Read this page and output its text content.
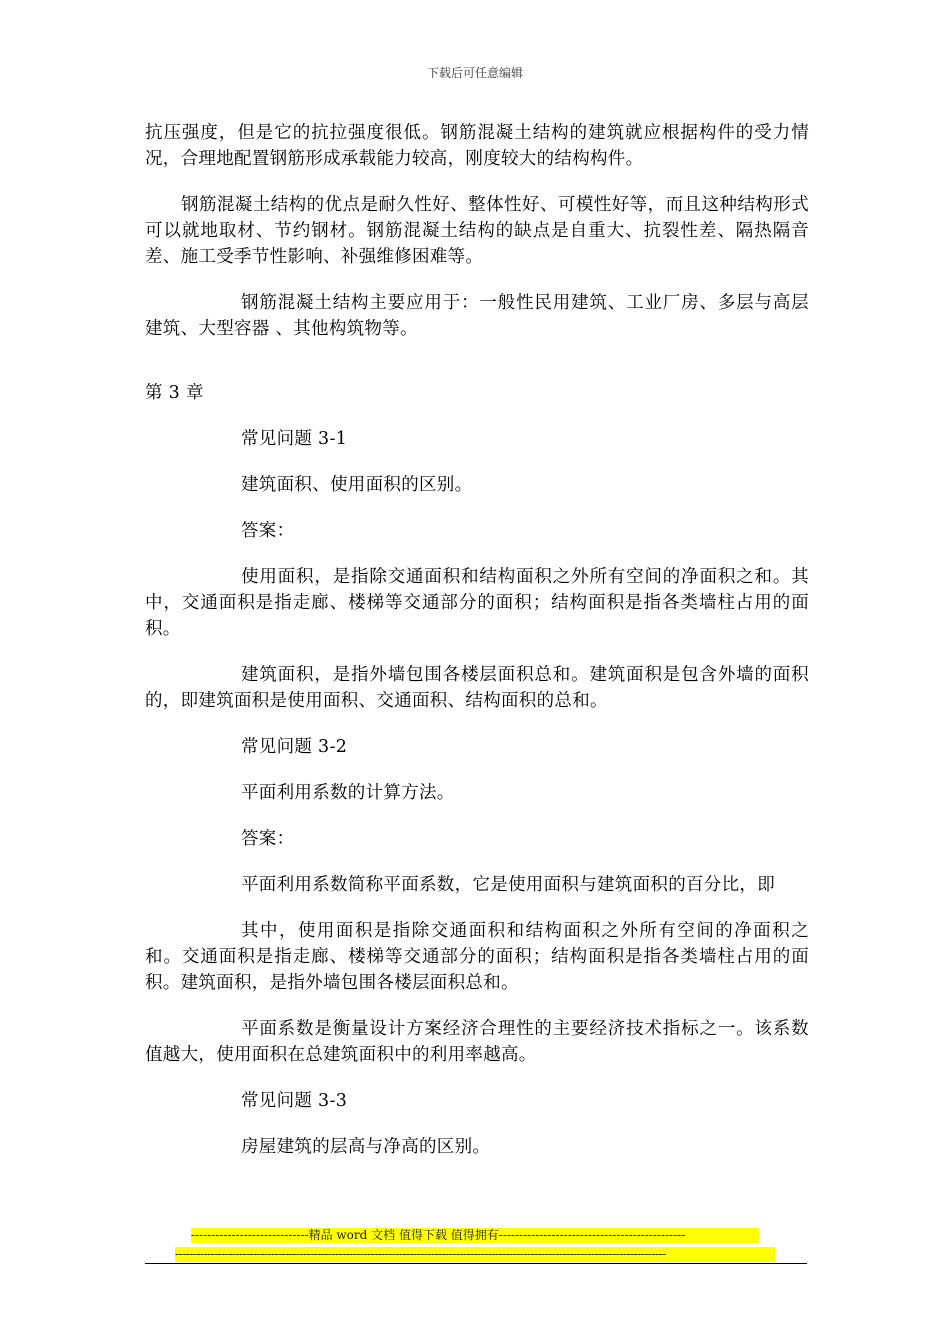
下载后可任意编辑

抗压强度，但是它的抗拉强度很低。钢筋混凝土结构的建筑就应根据构件的受力情况，合理地配置钢筋形成承载能力较高，刚度较大的结构构件。

钢筋混凝土结构的优点是耐久性好、整体性好、可模性好等，而且这种结构形式可以就地取材、节约钢材。钢筋混凝土结构的缺点是自重大、抗裂性差、隔热隔音差、施工受季节性影响、补强维修困难等。

钢筋混凝土结构主要应用于：一般性民用建筑、工业厂房、多层与高层建筑、大型容器 、其他构筑物等。

第 3 章

常见问题 3-1

建筑面积、使用面积的区别。

答案：

使用面积，是指除交通面积和结构面积之外所有空间的净面积之和。其中，交通面积是指走廊、楼梯等交通部分的面积；结构面积是指各类墙柱占用的面积。

建筑面积，是指外墙包围各楼层面积总和。建筑面积是包含外墙的面积的，即建筑面积是使用面积、交通面积、结构面积的总和。

常见问题 3-2

平面利用系数的计算方法。

答案：

平面利用系数简称平面系数，它是使用面积与建筑面积的百分比，即

其中，使用面积是指除交通面积和结构面积之外所有空间的净面积之和。交通面积是指走廊、楼梯等交通部分的面积；结构面积是指各类墙柱占用的面积。建筑面积，是指外墙包围各楼层面积总和。

平面系数是衡量设计方案经济合理性的主要经济技术指标之一。该系数值越大，使用面积在总建筑面积中的利用率越高。

常见问题 3-3

房屋建筑的层高与净高的区别。

-----------------------------精品 word 文档 值得下载 值得拥有----------------------------------------------
------------------------------------------------------------------------------------------------------------------------------------------
